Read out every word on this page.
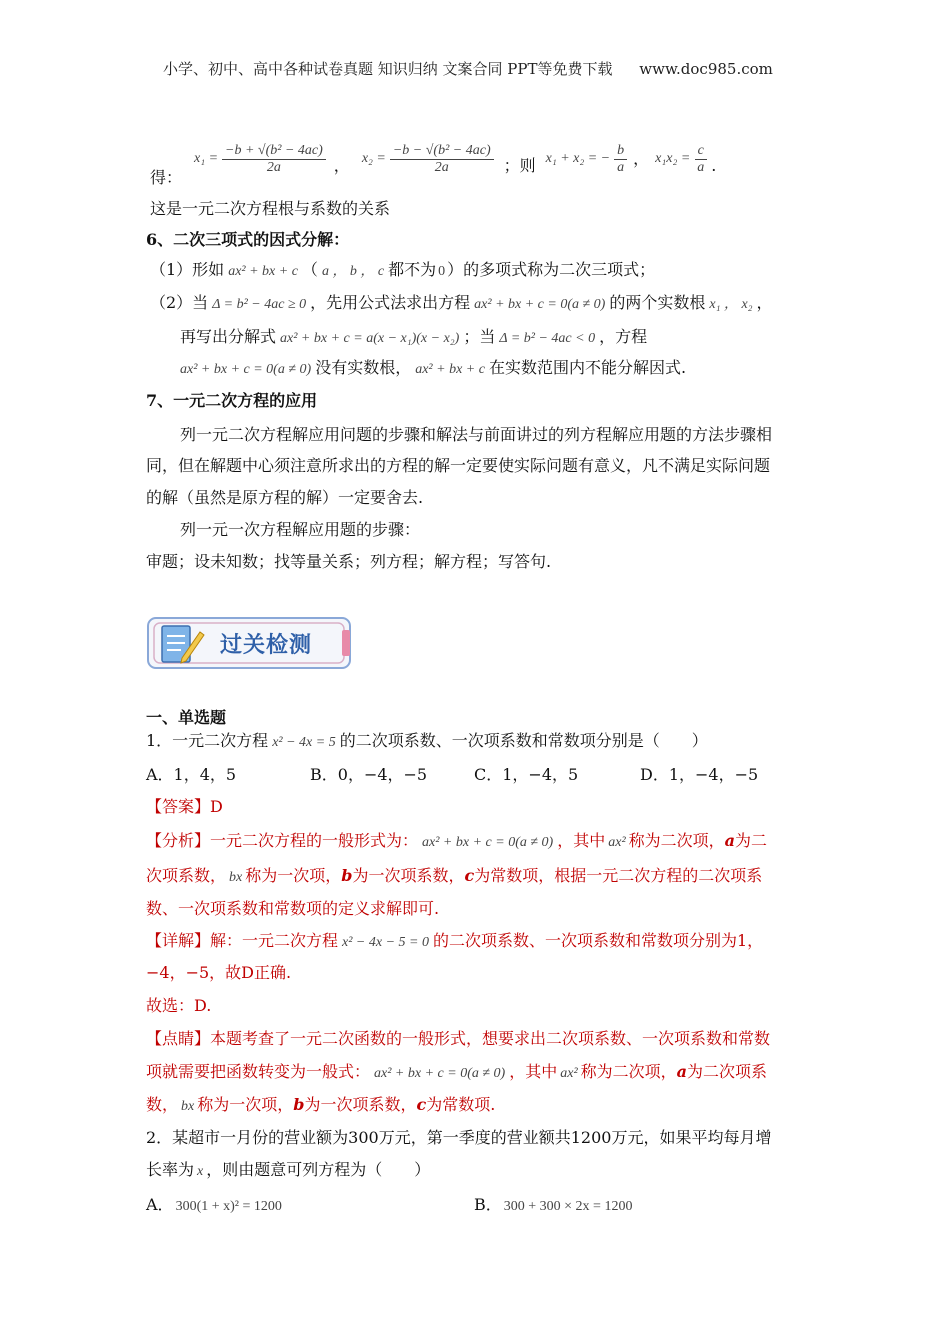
小学、初中、高中各种试卷真题 知识归纳 文案合同 PPT等免费下载 www.doc985.com
得：
$x_1 = \frac{\text{−b + √(b² − 4ac)}}{2a}$ ， $x_2 = \frac{\text{−b − √(b² − 4ac)}}{2a}$ ；则 x₁ + x₂ = − $\frac{b}{a}$ ， $x_1x_2 = \frac{c}{a}$ .
这是一元二次方程根与系数的关系
6、二次三项式的因式分解：
（1）形如 ax² + bx + c （ a ， b ， c 都不为 0 ）的多项式称为二次三项式；
（2）当 Δ = b² − 4ac ≥ 0 ，先用公式法求出方程 ax² + bx + c = 0(a ≠ 0) 的两个实数根 x₁ ， x₂ ，
再写出分解式 ax² + bx + c = a(x − x₁)(x − x₂) ；当 Δ = b² − 4ac < 0 ，方程
ax² + bx + c = 0(a ≠ 0) 没有实数根， ax² + bx + c 在实数范围内不能分解因式.
7、一元二次方程的应用
列一元二次方程解应用问题的步骤和解法与前面讲过的列方程解应用题的方法步骤相
同，但在解题中心须注意所求出的方程的解一定要使实际问题有意义，凡不满足实际问题
的解（虽然是原方程的解）一定要舍去.
列一元一次方程解应用题的步骤：
审题；设未知数；找等量关系；列方程；解方程；写答句.
过关检测
一、单选题
1．一元二次方程 x² − 4x = 5 的二次项系数、一次项系数和常数项分别是（　　）
A．1，4，5	B．0，−4，−5	C．1，−4，5	D．1，−4，−5
【答案】D
【分析】一元二次方程的一般形式为： ax² + bx + c = 0(a ≠ 0) ，其中 ax² 称为二次项，a为二
次项系数， bx 称为一次项，b为一次项系数，c为常数项，根据一元二次方程的二次项系
数、一次项系数和常数项的定义求解即可.
【详解】解：一元二次方程 x² − 4x − 5 = 0 的二次项系数、一次项系数和常数项分别为1，
−4，−5，故D正确.
故选：D.
【点睛】本题考查了一元二次函数的一般形式，想要求出二次项系数、一次项系数和常数
项就需要把函数转变为一般式： ax² + bx + c = 0(a ≠ 0) ，其中 ax² 称为二次项，a为二次项系
数， bx 称为一次项，b为一次项系数，c为常数项.
2．某超市一月份的营业额为300万元，第一季度的营业额共1200万元，如果平均每月增
长率为 x ，则由题意可列方程为（　　）
A． 300(1 + x)² = 1200	B． 300 + 300 × 2x = 1200
